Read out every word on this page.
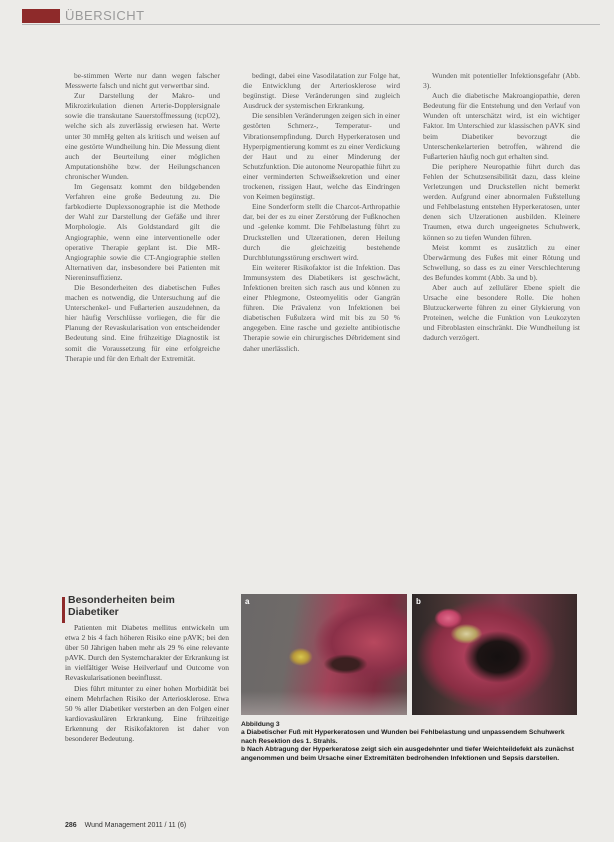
ÜBERSICHT

be-stimmen Werte nur dann wegen falscher Messwerte falsch und nicht gut verwertbar sind.

Zur Darstellung der Makro- und Mikrozirkulation dienen Arterie-Dopplersignale sowie die transkutane Sauerstoffmessung (tcpO2), welche sich als zuverlässig erwiesen hat. Werte unter 30 mmHg gelten als kritisch und weisen auf eine gestörte Wundheilung hin. Die Messung dient auch der Beurteilung einer möglichen Amputationshöhe bzw. der Heilungschancen chronischer Wunden.

Im Gegensatz kommt den bildgebenden Verfahren eine große Bedeutung zu. Die farbkodierte Duplexsonographie ist die Methode der Wahl zur Darstellung der Gefäße und ihrer Morphologie. Als Goldstandard gilt die Angiographie, wenn eine interventionelle oder operative Therapie geplant ist. Die MR-Angiographie sowie die CT-Angiographie stellen Alternativen dar, insbesondere bei Patienten mit Niereninsuffizienz.

Die Besonderheiten des diabetischen Fußes machen es notwendig, die Untersuchung auf die Unterschenkel- und Fußarterien auszudehnen, da hier häufig Verschlüsse vorliegen, die für die Planung der Revaskularisation von entscheidender Bedeutung sind. Eine frühzeitige Diagnostik ist somit die Voraussetzung für eine erfolgreiche Therapie und für den Erhalt der Extremität.

bedingt, dabei eine Vasodilatation zur Folge hat, die Entwicklung der Arteriosklerose wird begünstigt. Diese Veränderungen sind zugleich Ausdruck der systemischen Erkrankung.

Die sensiblen Veränderungen zeigen sich in einer gestörten Schmerz-, Temperatur- und Vibrationsempfindung. Durch Hyperkeratosen und Hyperpigmentierung kommt es zu einer Verdickung der Haut und zu einer Minderung der Schutzfunktion. Die autonome Neuropathie führt zu einer verminderten Schweißsekretion und einer trockenen, rissigen Haut, welche das Eindringen von Keimen begünstigt.

Eine Sonderform stellt die Charcot-Arthropathie dar, bei der es zu einer Zerstörung der Fußknochen und -gelenke kommt. Die Fehlbelastung führt zu Druckstellen und Ulzerationen, deren Heilung durch die gleichzeitig bestehende Durchblutungsstörung erschwert wird.

Ein weiterer Risikofaktor ist die Infektion. Das Immunsystem des Diabetikers ist geschwächt, Infektionen breiten sich rasch aus und können zu einer Phlegmone, Osteomyelitis oder Gangrän führen. Die Prävalenz von Infektionen bei diabetischen Fußulzera wird mit bis zu 50 % angegeben. Eine rasche und gezielte antibiotische Therapie sowie ein chirurgisches Débridement sind daher unerlässlich.

Wunden mit potentieller Infektionsgefahr (Abb. 3).

Auch die diabetische Makroangiopathie, deren Bedeutung für die Entstehung und den Verlauf von Wunden oft unterschätzt wird, ist ein wichtiger Faktor. Im Unterschied zur klassischen pAVK sind beim Diabetiker bevorzugt die Unterschenkelarterien betroffen, während die Fußarterien häufig noch gut erhalten sind.

Die periphere Neuropathie führt durch das Fehlen der Schutzsensibilität dazu, dass kleine Verletzungen und Druckstellen nicht bemerkt werden. Aufgrund einer abnormalen Fußstellung und Fehlbelastung entstehen Hyperkeratosen, unter denen sich Ulzerationen ausbilden. Kleinere Traumen, etwa durch ungeeignetes Schuhwerk, können so zu tiefen Wunden führen.

Meist kommt es zusätzlich zu einer Überwärmung des Fußes mit einer Rötung und Schwellung, so dass es zu einer Verschlechterung des Befundes kommt (Abb. 3a und b).

Aber auch auf zellulärer Ebene spielt die Ursache eine besondere Rolle. Die hohen Blutzuckerwerte führen zu einer Glykierung von Proteinen, welche die Funktion von Leukozyten und Fibroblasten einschränkt. Die Wundheilung ist dadurch verzögert.

Besonderheiten beim Diabetiker

Patienten mit Diabetes mellitus entwickeln um etwa 2 bis 4 fach höheren Risiko eine pAVK; bei den über 50 Jährigen haben mehr als 29 % eine relevante pAVK. Durch den Systemcharakter der Erkrankung ist in vielfältiger Weise Heilverlauf und Outcome von Revaskularisationen beeinflusst.

Dies führt mitunter zu einer hohen Morbidität bei einem Mehrfachen Risiko der Arteriosklerose. Etwa 50 % aller Diabetiker versterben an den Folgen einer kardiovaskulären Erkrankung. Eine frühzeitige Erkennung der Risikofaktoren ist daher von besonderer Bedeutung.

a	b
Abbildung 3
a Diabetischer Fuß mit Hyperkeratosen und Wunden bei Fehlbelastung und unpassendem Schuhwerk nach Resektion des 1. Strahls.
b Nach Abtragung der Hyperkeratose zeigt sich ein ausgedehnter und tiefer Weichteildefekt als zunächst angenommen und beim Ursache einer Extremitäten bedrohenden Infektionen und Sepsis darstellen.
286 Wund Management 2011 / 11 (6)
